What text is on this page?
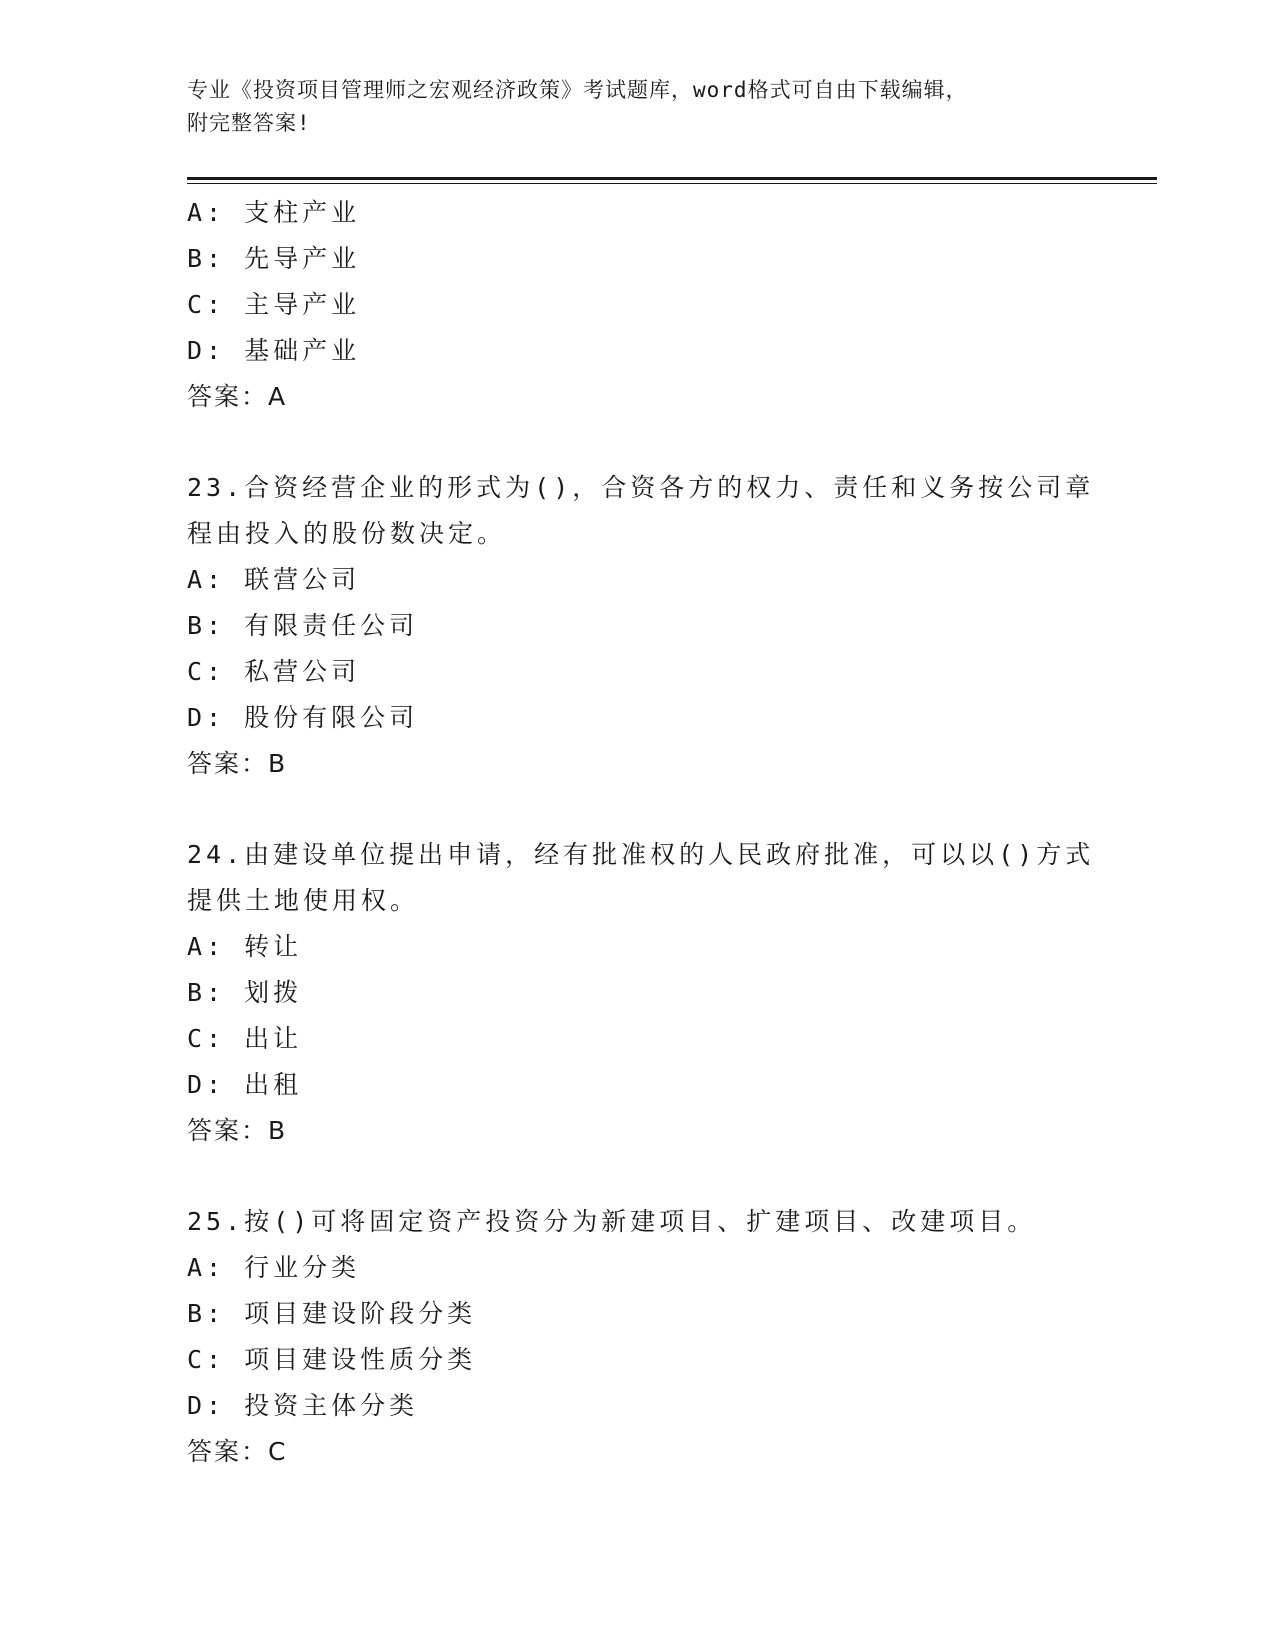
专业《投资项目管理师之宏观经济政策》考试题库，word格式可自由下载编辑，
附完整答案!
A: 支柱产业
B: 先导产业
C: 主导产业
D: 基础产业
答案：A
23.合资经营企业的形式为()，合资各方的权力、责任和义务按公司章
程由投入的股份数决定。
A: 联营公司
B: 有限责任公司
C: 私营公司
D: 股份有限公司
答案：B
24.由建设单位提出申请，经有批准权的人民政府批准，可以以()方式
提供土地使用权。
A: 转让
B: 划拨
C: 出让
D: 出租
答案：B
25.按()可将固定资产投资分为新建项目、扩建项目、改建项目。
A: 行业分类
B: 项目建设阶段分类
C: 项目建设性质分类
D: 投资主体分类
答案：C
